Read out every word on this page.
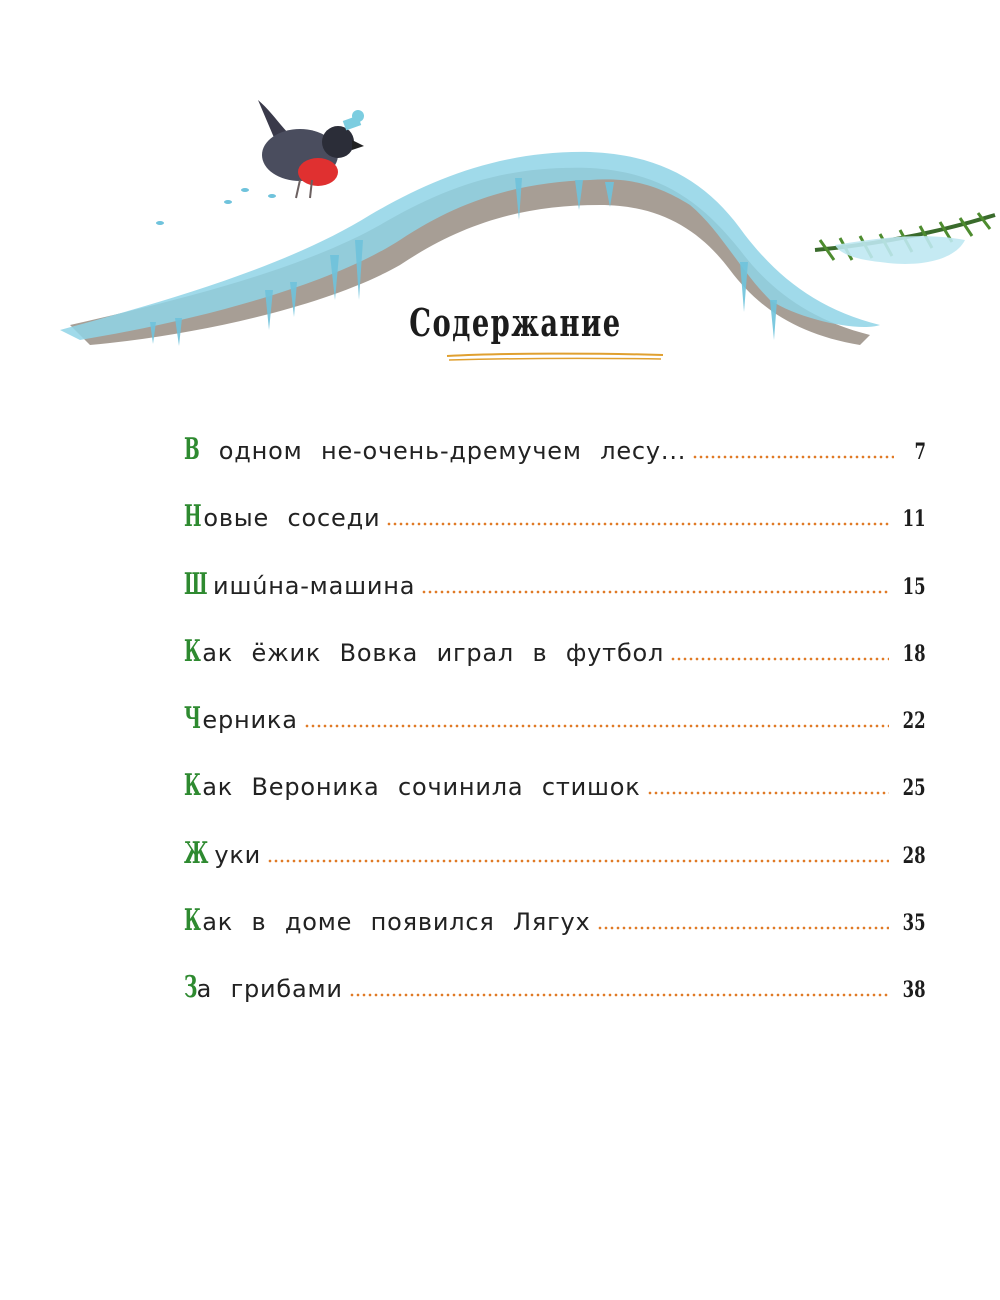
Содержание
В одном не-очень-дремучем лесу...	7
Новые соседи	11
Ш ишúна-машина	15
Как ёжик Вовка играл в футбол	18
Черника	22
Как Вероника сочинила стишок	25
Ж уки	28
Как в доме появился Лягух	35
За грибами	38
